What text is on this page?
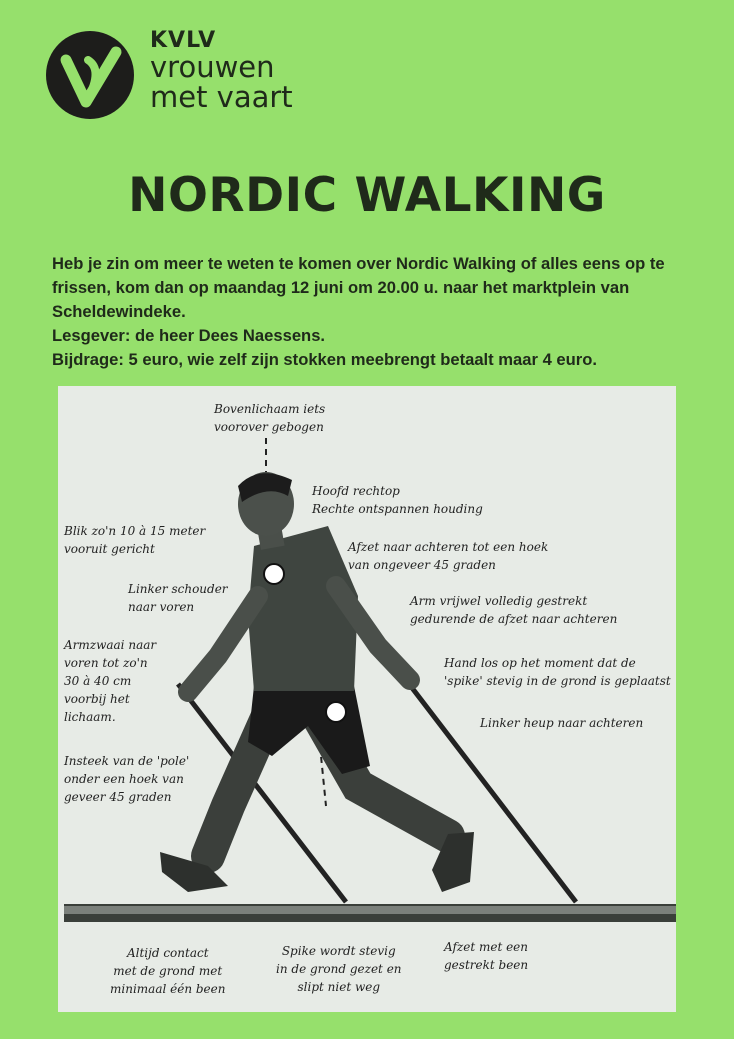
KVLV
vrouwen
met vaart
NORDIC WALKING

Heb je zin om meer te weten te komen over Nordic Walking of alles eens op te frissen, kom dan op maandag 12 juni om 20.00 u. naar het marktplein van Scheldewindeke.

Lesgever: de heer Dees Naessens.

Bijdrage: 5 euro, wie zelf zijn stokken meebrengt betaalt maar 4 euro.

Bovenlichaam iets
voorover gebogen
Hoofd rechtop
Rechte ontspannen houding
Blik zo'n 10 à 15 meter
vooruit gericht	Afzet naar achteren tot een hoek
van ongeveer 45 graden
Linker schouder
naar voren	Arm vrijwel volledig gestrekt
gedurende de afzet naar achteren
Armzwaai naar
voren tot zo'n
30 à 40 cm
voorbij het
lichaam.
Hand los op het moment dat de
'spike' stevig in de grond is geplaatst
Linker heup naar achteren
Insteek van de 'pole'
onder een hoek van
geveer 45 graden
Altijd contact
met de grond met
minimaal één been
Spike wordt stevig
in de grond gezet en
slipt niet weg
Afzet met een
gestrekt been
